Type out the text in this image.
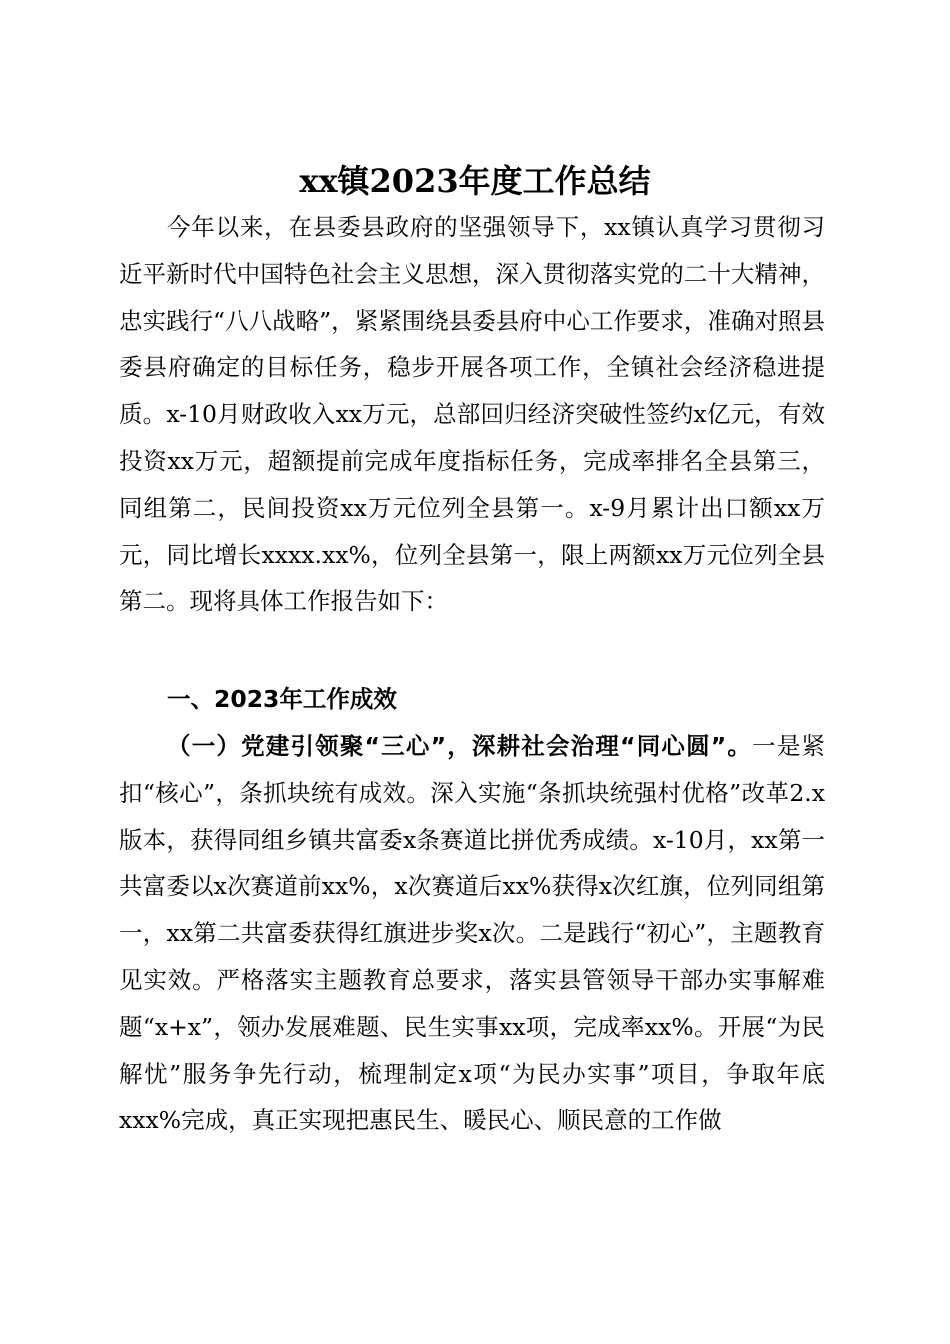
xx镇2023年度工作总结

今年以来，在县委县政府的坚强领导下，xx镇认真学习贯彻习近平新时代中国特色社会主义思想，深入贯彻落实党的二十大精神，忠实践行“八八战略”，紧紧围绕县委县府中心工作要求，准确对照县委县府确定的目标任务，稳步开展各项工作，全镇社会经济稳进提质。x-10月财政收入xx万元，总部回归经济突破性签约x亿元，有效投资xx万元，超额提前完成年度指标任务，完成率排名全县第三，同组第二，民间投资xx万元位列全县第一。x-9月累计出口额xx万元，同比增长xxxx.xx%，位列全县第一，限上两额xx万元位列全县第二。现将具体工作报告如下：

一、2023年工作成效

（一）党建引领聚“三心”，深耕社会治理“同心圆”。一是紧扣“核心”，条抓块统有成效。深入实施“条抓块统强村优格”改革2.x版本，获得同组乡镇共富委x条赛道比拼优秀成绩。x-10月，xx第一共富委以x次赛道前xx%，x次赛道后xx%获得x次红旗，位列同组第一，xx第二共富委获得红旗进步奖x次。二是践行“初心”，主题教育见实效。严格落实主题教育总要求，落实县管领导干部办实事解难题“x+x”，领办发展难题、民生实事xx项，完成率xx%。开展“为民解忧”服务争先行动，梳理制定x项“为民办实事”项目，争取年底xxx%完成，真正实现把惠民生、暖民心、顺民意的工作做
